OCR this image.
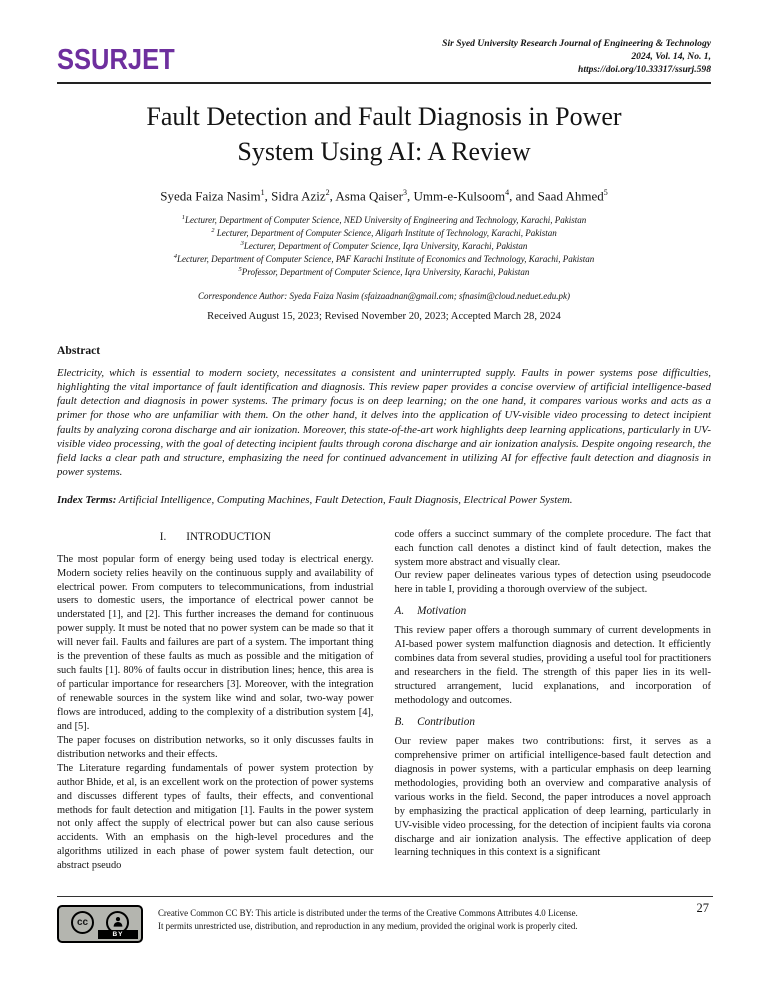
SSURJET
Sir Syed University Research Journal of Engineering & Technology
2024, Vol. 14, No. 1,
https://doi.org/10.33317/ssurj.598
Fault Detection and Fault Diagnosis in Power
System Using AI: A Review
Syeda Faiza Nasim$^1$, Sidra Aziz$^2$, Asma Qaiser$^3$, Umm-e-Kulsoom$^4$, and Saad Ahmed$^5$
$^1$Lecturer, Department of Computer Science, NED University of Engineering and Technology, Karachi, Pakistan
$^2$ Lecturer, Department of Computer Science, Aligarh Institute of Technology, Karachi, Pakistan
$^3$Lecturer, Department of Computer Science, Iqra University, Karachi, Pakistan
$^4$Lecturer, Department of Computer Science, PAF Karachi Institute of Economics and Technology, Karachi, Pakistan
$^5$Professor, Department of Computer Science, Iqra University, Karachi, Pakistan
Correspondence Author: Syeda Faiza Nasim (sfaizaadnan@gmail.com; sfnasim@cloud.neduet.edu.pk)
Received August 15, 2023; Revised November 20, 2023; Accepted March 28, 2024
Abstract

Electricity, which is essential to modern society, necessitates a consistent and uninterrupted supply. Faults in power systems pose difficulties, highlighting the vital importance of fault identification and diagnosis. This review paper provides a concise overview of artificial intelligence-based fault detection and diagnosis in power systems. The primary focus is on deep learning; on the one hand, it compares various works and acts as a primer for those who are unfamiliar with them. On the other hand, it delves into the application of UV-visible video processing to detect incipient faults by analyzing corona discharge and air ionization. Moreover, this state-of-the-art work highlights deep learning applications, particularly in UV-visible video processing, with the goal of detecting incipient faults through corona discharge and air ionization analysis. Despite ongoing research, the field lacks a clear path and structure, emphasizing the need for continued advancement in utilizing AI for effective fault detection and diagnosis in power systems.

Index Terms: Artificial Intelligence, Computing Machines, Fault Detection, Fault Diagnosis, Electrical Power System.
I. INTRODUCTION

The most popular form of energy being used today is electrical energy. Modern society relies heavily on the continuous supply and availability of electrical power. From computers to telecommunications, from industrial users to domestic users, the importance of electrical power cannot be understated [1], and [2]. This further increases the demand for continuous power supply. It must be noted that no power system can be made so that it will never fail. Faults and failures are part of a system. The important thing is the prevention of these faults as much as possible and the mitigation of such faults [1]. 80% of faults occur in distribution lines; hence, this area is of particular importance for researchers [3]. Moreover, with the integration of renewable sources in the system like wind and solar, two-way power flows are introduced, adding to the complexity of a distribution system [4], and [5].

The paper focuses on distribution networks, so it only discusses faults in distribution networks and their effects.

The Literature regarding fundamentals of power system protection by author Bhide, et al, is an excellent work on the protection of power systems and discusses different types of faults, their effects, and conventional methods for fault detection and mitigation [1]. Faults in the power system not only affect the supply of electrical power but can also cause serious accidents. With an emphasis on the high-level procedures and the algorithms utilized in each phase of power system fault detection, our abstract pseudo

code offers a succinct summary of the complete procedure. The fact that each function call denotes a distinct kind of fault detection, makes the system more abstract and visually clear.

Our review paper delineates various types of detection using pseudocode here in table I, providing a thorough overview of the subject.

A. Motivation

This review paper offers a thorough summary of current developments in AI-based power system malfunction diagnosis and detection. It efficiently combines data from several studies, providing a useful tool for practitioners and researchers in the field. The strength of this paper lies in its well-structured arrangement, lucid explanations, and incorporation of methodology and outcomes.

B. Contribution

Our review paper makes two contributions: first, it serves as a comprehensive primer on artificial intelligence-based fault detection and diagnosis in power systems, with a particular emphasis on deep learning methodologies, providing both an overview and comparative analysis of various works in the field. Second, the paper introduces a novel approach by emphasizing the practical application of deep learning, particularly in UV-visible video processing, for the detection of incipient faults via corona discharge and air ionization analysis. The effective application of deep learning techniques in this context is a significant

27
cc
BY
Creative Common CC BY: This article is distributed under the terms of the Creative Commons Attributes 4.0 License.
It permits unrestricted use, distribution, and reproduction in any medium, provided the original work is properly cited.
